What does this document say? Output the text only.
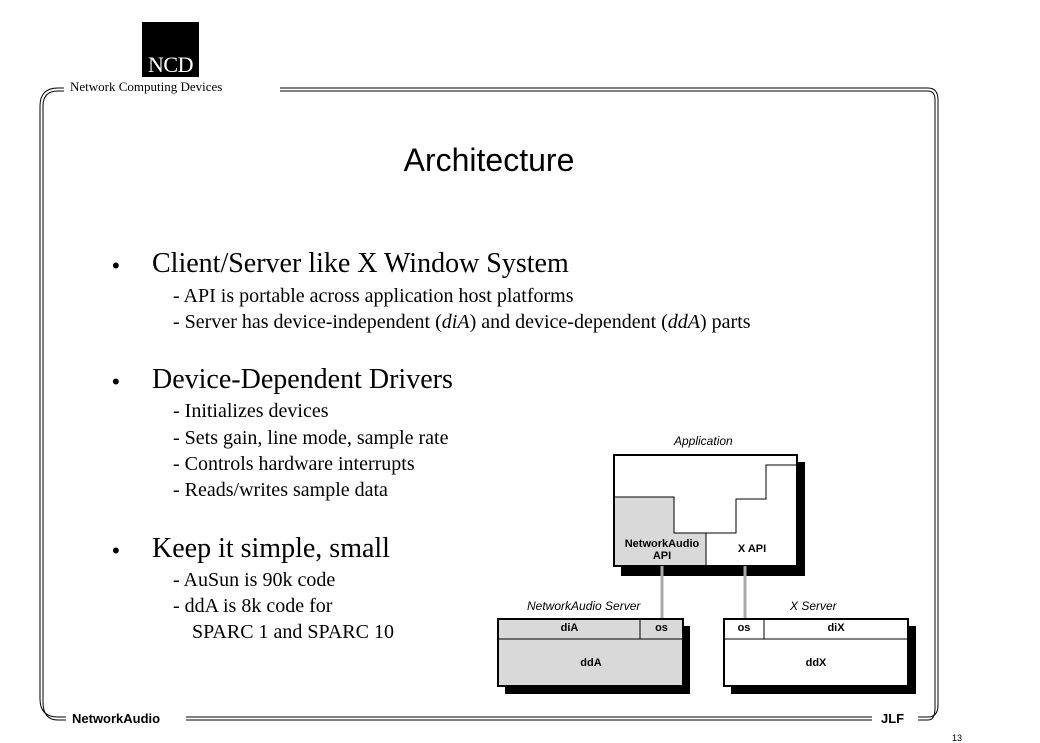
NCD
Network Computing Devices
Architecture
• Client/Server like X Window System
- API is portable across application host platforms
- Server has device-independent (diA) and device-dependent (ddA) parts
• Device-Dependent Drivers
- Initializes devices
- Sets gain, line mode, sample rate
- Controls hardware interrupts
- Reads/writes sample data
• Keep it simple, small
- AuSun is 90k code
- ddA is 8k code for
SPARC 1 and SPARC 10
Application
NetworkAudio
API
X API
NetworkAudio Server	X Server
diA	os
ddA
os	diX
ddX
NetworkAudio	JLF
13
